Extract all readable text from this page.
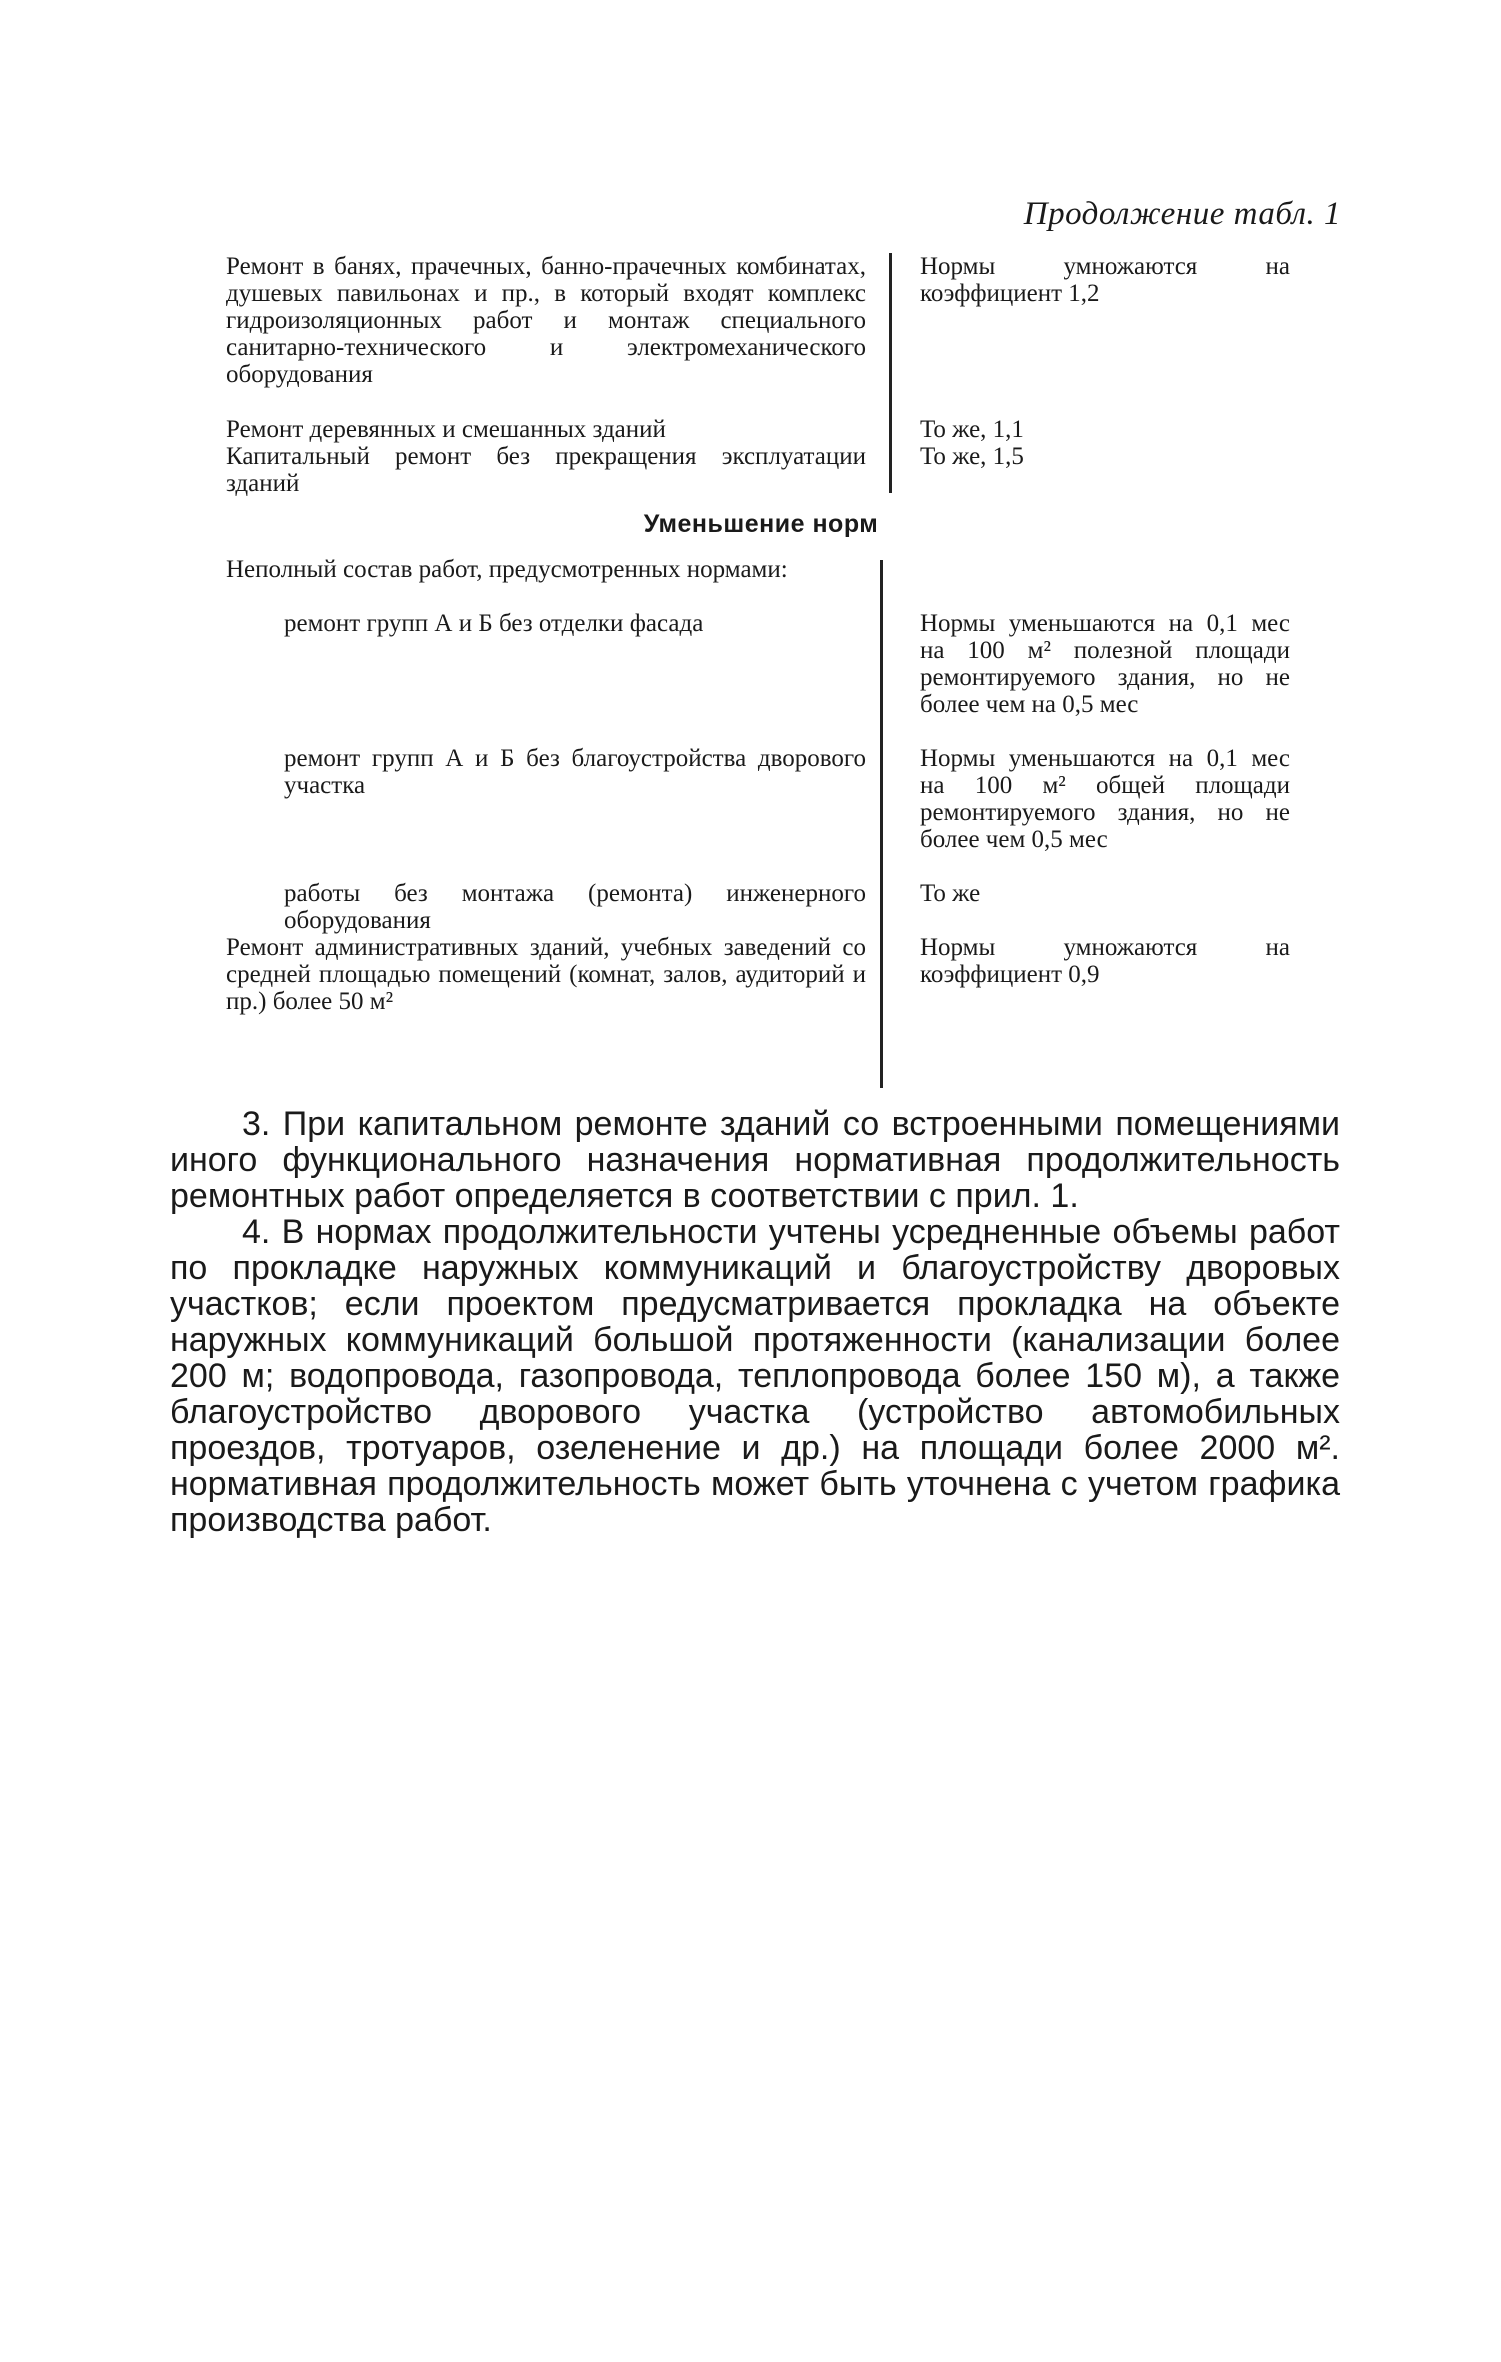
Продолжение табл. 1
Ремонт в банях, прачечных, банно-прачечных комбинатах, душевых павильонах и пр., в который входят комплекс гидроизоляционных работ и монтаж специального санитарно-технического и электромеханического оборудования
Нормы умножаются на коэффициент 1,2
Ремонт деревянных и смешанных зданий	То же, 1,1
Капитальный ремонт без прекращения эксплуатации зданий
То же, 1,5
Уменьшение норм
Неполный состав работ, предусмотренных нормами:
ремонт групп А и Б без отделки фасада	Нормы уменьшаются на 0,1 мес на 100 м² полезной площади ремонтируемого здания, но не более чем на 0,5 мес
ремонт групп А и Б без благоустройства дворового участка
Нормы уменьшаются на 0,1 мес на 100 м² общей площади ремонтируемого здания, но не более чем 0,5 мес
работы без монтажа (ремонта) инженерного оборудования
То же
Ремонт административных зданий, учебных заведений со средней площадью помещений (комнат, залов, аудиторий и пр.) более 50 м²
Нормы умножаются на коэффициент 0,9
3. При капитальном ремонте зданий со встроенными помещениями иного функционального назначения нормативная продолжительность ремонтных работ определяется в соответствии с прил. 1.
4. В нормах продолжительности учтены усредненные объемы работ по прокладке наружных коммуникаций и благоустройству дворовых участков; если проектом предусматривается прокладка на объекте наружных коммуникаций большой протяженности (канализации более 200 м; водопровода, газопровода, теплопровода более 150 м), а также благоустройство дворового участка (устройство автомобильных проездов, тротуаров, озеленение и др.) на площади более 2000 м². нормативная продолжительность может быть уточнена с учетом графика производства работ.
